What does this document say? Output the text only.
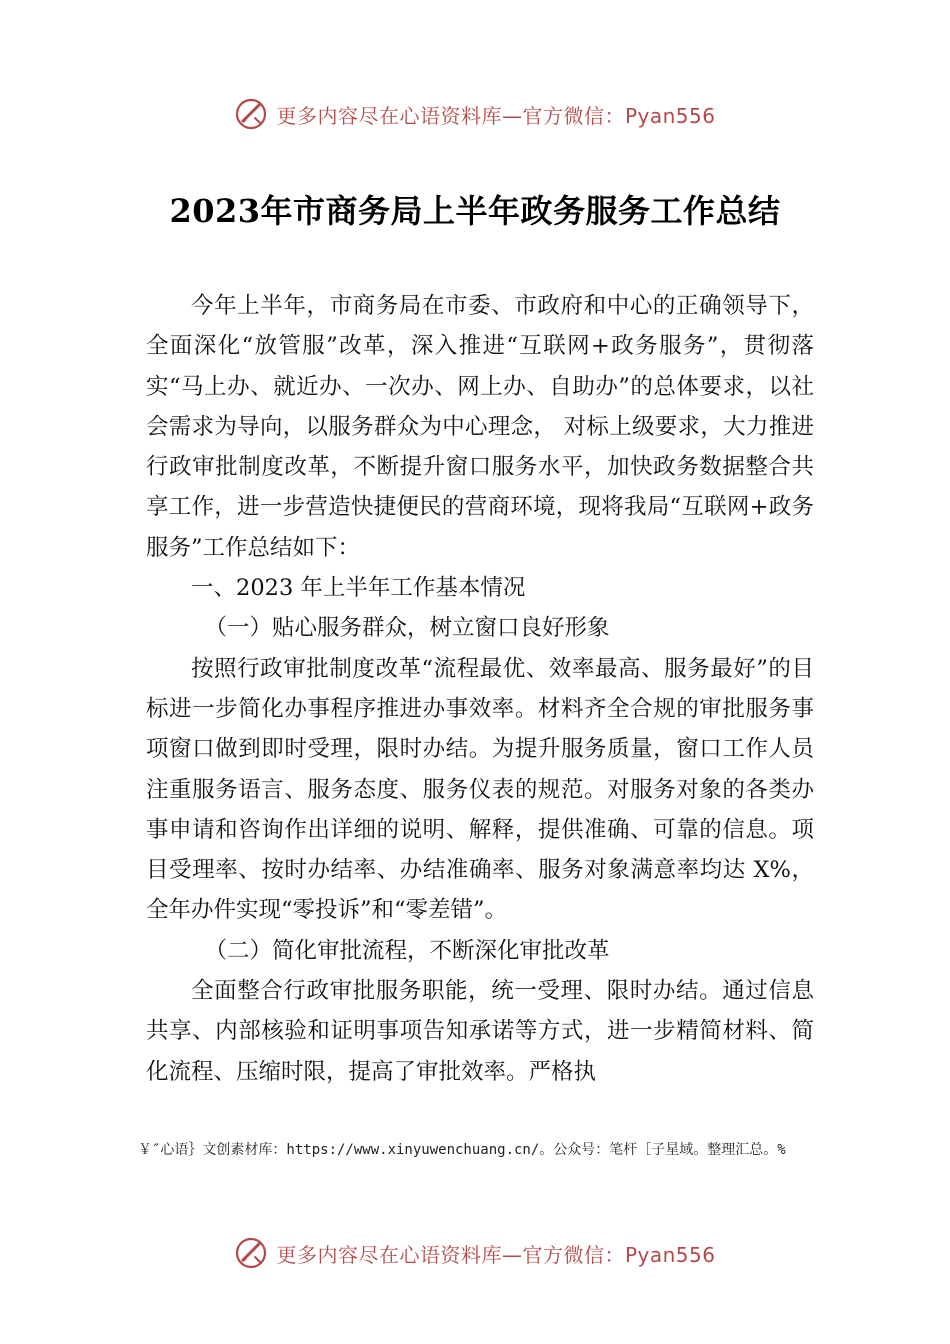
更多内容尽在心语资料库—官方微信：Pyan556
2023年市商务局上半年政务服务工作总结

今年上半年，市商务局在市委、市政府和中心的正确领导下，全面深化“放管服”改革，深入推进“互联网+政务服务”，贯彻落实“马上办、就近办、一次办、网上办、自助办”的总体要求，以社会需求为导向，以服务群众为中心理念， 对标上级要求，大力推进行政审批制度改革，不断提升窗口服务水平，加快政务数据整合共享工作，进一步营造快捷便民的营商环境，现将我局“互联网+政务服务”工作总结如下：

一、2023 年上半年工作基本情况

（一）贴心服务群众，树立窗口良好形象

按照行政审批制度改革“流程最优、效率最高、服务最好”的目标进一步简化办事程序推进办事效率。材料齐全合规的审批服务事项窗口做到即时受理，限时办结。为提升服务质量，窗口工作人员注重服务语言、服务态度、服务仪表的规范。对服务对象的各类办事申请和咨询作出详细的说明、解释，提供准确、可靠的信息。项目受理率、按时办结率、办结准确率、服务对象满意率均达 X%，全年办件实现“零投诉”和“零差错”。

（二）简化审批流程，不断深化审批改革

全面整合行政审批服务职能，统一受理、限时办结。通过信息共享、内部核验和证明事项告知承诺等方式，进一步精简材料、简化流程、压缩时限，提高了审批效率。严格执

￥″心语｝文创素材库：https://www.xinyuwenchuang.cn/。公众号：笔杆［子星域。整理汇总。%
更多内容尽在心语资料库—官方微信：Pyan556
